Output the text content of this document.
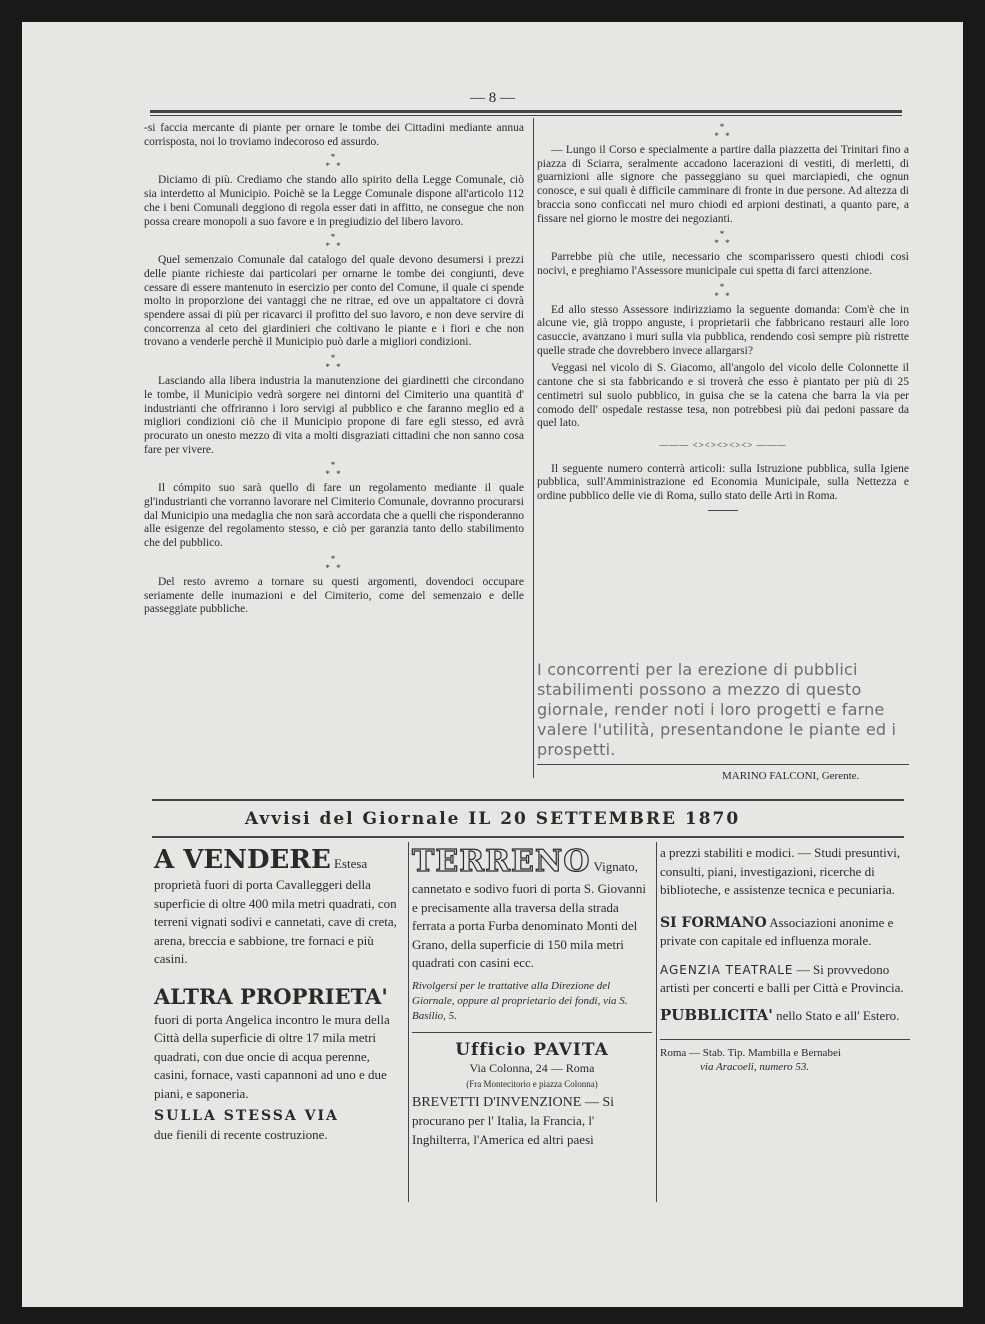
— 8 —

-si faccia mercante di piante per ornare le tombe dei Cittadini mediante annua corrisposta, noi lo troviamo indecoroso ed assurdo.

*
* *

Diciamo di più. Crediamo che stando allo spirito della Legge Comunale, ciò sia interdetto al Municipio. Poichè se la Legge Comunale dispone all'articolo 112 che i beni Comunali deggiono di regola esser dati in affitto, ne consegue che non possa creare monopoli a suo favore e in pregiudizio del libero lavoro.

*
* *

Quel semenzaio Comunale dal catalogo del quale devono desumersi i prezzi delle piante richieste dai particolari per ornarne le tombe dei congiunti, deve cessare di essere mantenuto in esercizio per conto del Comune, il quale ci spende molto in proporzione dei vantaggi che ne ritrae, ed ove un appaltatore ci dovrà spendere assai di più per ricavarci il profitto del suo lavoro, e non deve servire di concorrenza al ceto dei giardinieri che coltivano le piante e i fiori e che non trovano a venderle perchè il Municipio può darle a migliori condizioni.

*
* *

Lasciando alla libera industria la manutenzione dei giardinetti che circondano le tombe, il Municipio vedrà sorgere nei dintorni del Cimiterio una quantità d' industrianti che offriranno i loro servigi al pubblico e che faranno meglio ed a migliori condizioni ciò che il Municipio propone di fare egli stesso, ed avrà procurato un onesto mezzo di vita a molti disgraziati cittadini che non sanno cosa fare per vivere.

*
* *

Il cómpito suo sarà quello di fare un regolamento mediante il quale gl'industrianti che vorranno lavorare nel Cimiterio Comunale, dovranno procurarsi dal Municipio una medaglia che non sarà accordata che a quelli che risponderanno alle esigenze del regolamento stesso, e ciò per garanzia tanto dello stabilimento che del pubblico.

*
* *

Del resto avremo a tornare su questi argomenti, dovendoci occupare seriamente delle inumazioni e del Cimiterio, come del semenzaio e delle passeggiate pubbliche.

*
* *

— Lungo il Corso e specialmente a partire dalla piazzetta dei Trinitari fino a piazza di Sciarra, seralmente accadono lacerazioni di vestiti, di merletti, di guarnizioni alle signore che passeggiano su quei marciapiedi, che ognun conosce, e sui quali è difficile camminare di fronte in due persone. Ad altezza di braccia sono conficcati nel muro chiodi ed arpioni destinati, a quanto pare, a fissare nel giorno le mostre dei negozianti.

*
* *

Parrebbe più che utile, necessario che scomparissero questi chiodi così nocivi, e preghiamo l'Assessore municipale cui spetta di farci attenzione.

*
* *

Ed allo stesso Assessore indirizziamo la seguente domanda: Com'è che in alcune vie, già troppo anguste, i proprietarii che fabbricano restauri alle loro casuccie, avanzano i muri sulla via pubblica, rendendo così sempre più ristrette quelle strade che dovrebbero invece allargarsi?

Veggasi nel vicolo di S. Giacomo, all'angolo del vicolo delle Colonnette il cantone che si sta fabbricando e si troverà che esso è piantato per più di 25 centimetri sul suolo pubblico, in guisa che se la catena che barra la via per comodo dell' ospedale restasse tesa, non potrebbesi più dai pedoni passare da quel lato.

——— <><><><><> ———

Il seguente numero conterrà articoli: sulla Istruzione pubblica, sulla Igiene pubblica, sull'Amministrazione ed Economia Municipale, sulla Nettezza e ordine pubblico delle vie di Roma, sullo stato delle Arti in Roma.

I concorrenti per la erezione di pubblici stabilimenti possono a mezzo di questo giornale, render noti i loro progetti e farne valere l'utilità, presentandone le piante ed i prospetti.
MARINO FALCONI, Gerente.
Avvisi del Giornale IL 20 SETTEMBRE 1870
A VENDERE Estesa proprietà fuori di porta Cavalleggeri della superficie di oltre 400 mila metri quadrati, con terreni vignati sodivi e cannetati, cave di creta, arena, breccia e sabbione, tre fornaci e più casini.
ALTRA PROPRIETA' fuori di porta Angelica incontro le mura della Città della superficie di oltre 17 mila metri quadrati, con due oncie di acqua perenne, casini, fornace, vasti capannoni ad uno e due piani, e saponeria.
SULLA STESSA VIA
due fienili di recente costruzione.
TERRENO Vignato, cannetato e sodivo fuori di porta S. Giovanni e precisamente alla traversa della strada ferrata a porta Furba denominato Monti del Grano, della superficie di 150 mila metri quadrati con casini ecc.
Rivolgersi per le trattative alla Direzione del Giornale, oppure al proprietario dei fondi, via S. Basilio, 5.
Ufficio PAVITA
Via Colonna, 24 — Roma
(Fra Montecitorio e piazza Colonna)
BREVETTI D'INVENZIONE — Si
procurano per l' Italia, la Francia, l' Inghilterra, l'America ed altri paesi
a prezzi stabiliti e modici. — Studi presuntivi, consulti, piani, investigazioni, ricerche di biblioteche, e assistenze tecnica e pecuniaria.
SI FORMANO Associazioni anonime e private con capitale ed influenza morale.
AGENZIA TEATRALE — Si provvedono artisti per concerti e balli per Città e Provincia.
PUBBLICITA' nello Stato e all' Estero.
Roma — Stab. Tip. Mambilla e Bernabei
via Aracoeli, numero 53.
